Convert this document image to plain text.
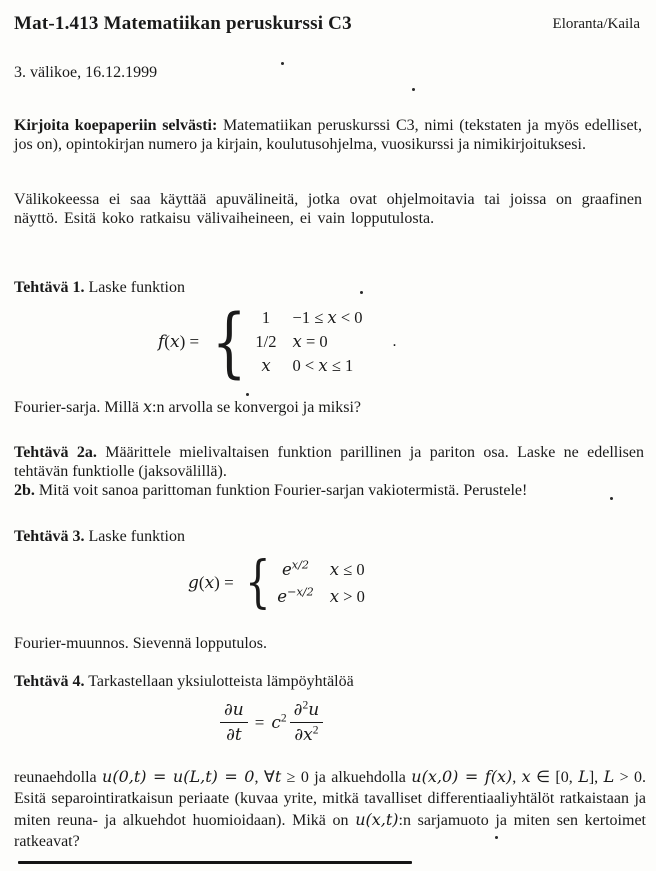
Mat-1.413 Matematiikan peruskurssi C3	Eloranta/Kaila
3. välikoe, 16.12.1999

Kirjoita koepaperiin selvästi: Matematiikan peruskurssi C3, nimi (tekstaten ja myös edelliset, jos on), opintokirjan numero ja kirjain, koulutusohjelma, vuosikurssi ja nimikirjoituksesi.

Välikokeessa ei saa käyttää apuvälineitä, jotka ovat ohjelmoitavia tai joissa on graafinen näyttö. Esitä koko ratkaisu välivaiheineen, ei vain lopputulosta.

Tehtävä 1. Laske funktion
f(x) = { 1 −1 ≤ x < 0
1/2 x = 0
x 0 < x ≤ 1
.
Fourier-sarja. Millä x:n arvolla se konvergoi ja miksi?
Tehtävä 2a. Määrittele mielivaltaisen funktion parillinen ja pariton osa. Laske ne edellisen tehtävän funktiolle (jaksovälillä).
2b. Mitä voit sanoa parittoman funktion Fourier-sarjan vakiotermistä. Perustele!
Tehtävä 3. Laske funktion
g(x) = { $e^{x/2}$ x ≤ 0
$e^{-x/2}$ x > 0
Fourier-muunnos. Sievennä lopputulos.
Tehtävä 4. Tarkastellaan yksiulotteista lämpöyhtälöä
$\frac{\partial u}{\partial t} = c^2 \frac{\partial^2u}{\partial x^2}$

reunaehdolla u(0,t) = u(L,t) = 0, ∀t ≥ 0 ja alkuehdolla u(x,0) = f(x), x ∈ [0, L], L > 0. Esitä separointiratkaisun periaate (kuvaa yrite, mitkä tavalliset differentiaaliyhtälöt ratkaistaan ja miten reuna- ja alkuehdot huomioidaan). Mikä on u(x,t):n sarjamuoto ja miten sen kertoimet ratkeavat?
